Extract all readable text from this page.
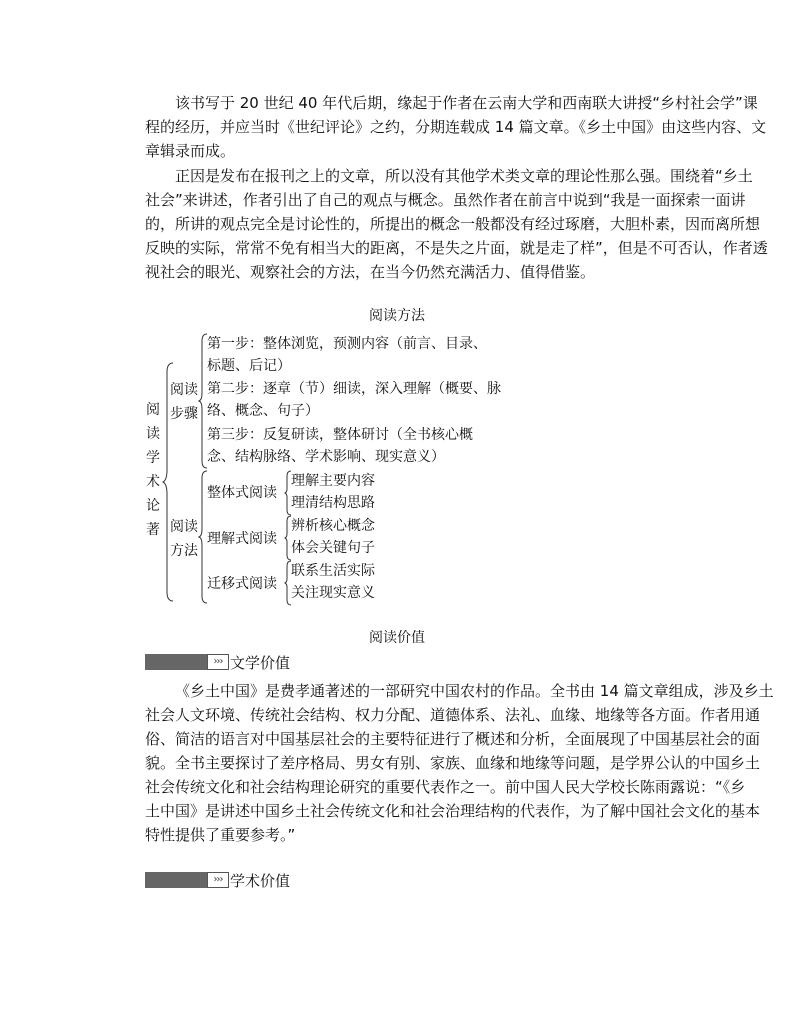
该书写于 20 世纪 40 年代后期，缘起于作者在云南大学和西南联大讲授“乡村社会学”课
程的经历，并应当时《世纪评论》之约，分期连载成 14 篇文章。《乡土中国》由这些内容、文
章辑录而成。
正因是发布在报刊之上的文章，所以没有其他学术类文章的理论性那么强。围绕着“乡土
社会”来讲述，作者引出了自己的观点与概念。虽然作者在前言中说到“我是一面探索一面讲
的，所讲的观点完全是讨论性的，所提出的概念一般都没有经过琢磨，大胆朴素，因而离所想
反映的实际，常常不免有相当大的距离，不是失之片面，就是走了样”，但是不可否认，作者透
视社会的眼光、观察社会的方法，在当今仍然充满活力、值得借鉴。
阅读方法
阅
读
学
术
论
著
阅读
步骤
第一步：整体浏览，预测内容（前言、目录、
标题、后记）
第二步：逐章（节）细读，深入理解（概要、脉
络、概念、句子）
第三步：反复研读，整体研讨（全书核心概
念、结构脉络、学术影响、现实意义）
阅读
方法
整体式阅读
理解主要内容
理清结构思路
理解式阅读
辨析核心概念
体会关键句子
迁移式阅读
联系生活实际
关注现实意义
阅读价值
››› 文学价值
《乡土中国》是费孝通著述的一部研究中国农村的作品。全书由 14 篇文章组成，涉及乡土
社会人文环境、传统社会结构、权力分配、道德体系、法礼、血缘、地缘等各方面。作者用通
俗、简洁的语言对中国基层社会的主要特征进行了概述和分析，全面展现了中国基层社会的面
貌。全书主要探讨了差序格局、男女有别、家族、血缘和地缘等问题，是学界公认的中国乡土
社会传统文化和社会结构理论研究的重要代表作之一。前中国人民大学校长陈雨露说：“《乡
土中国》是讲述中国乡土社会传统文化和社会治理结构的代表作，为了解中国社会文化的基本
特性提供了重要参考。”
››› 学术价值
